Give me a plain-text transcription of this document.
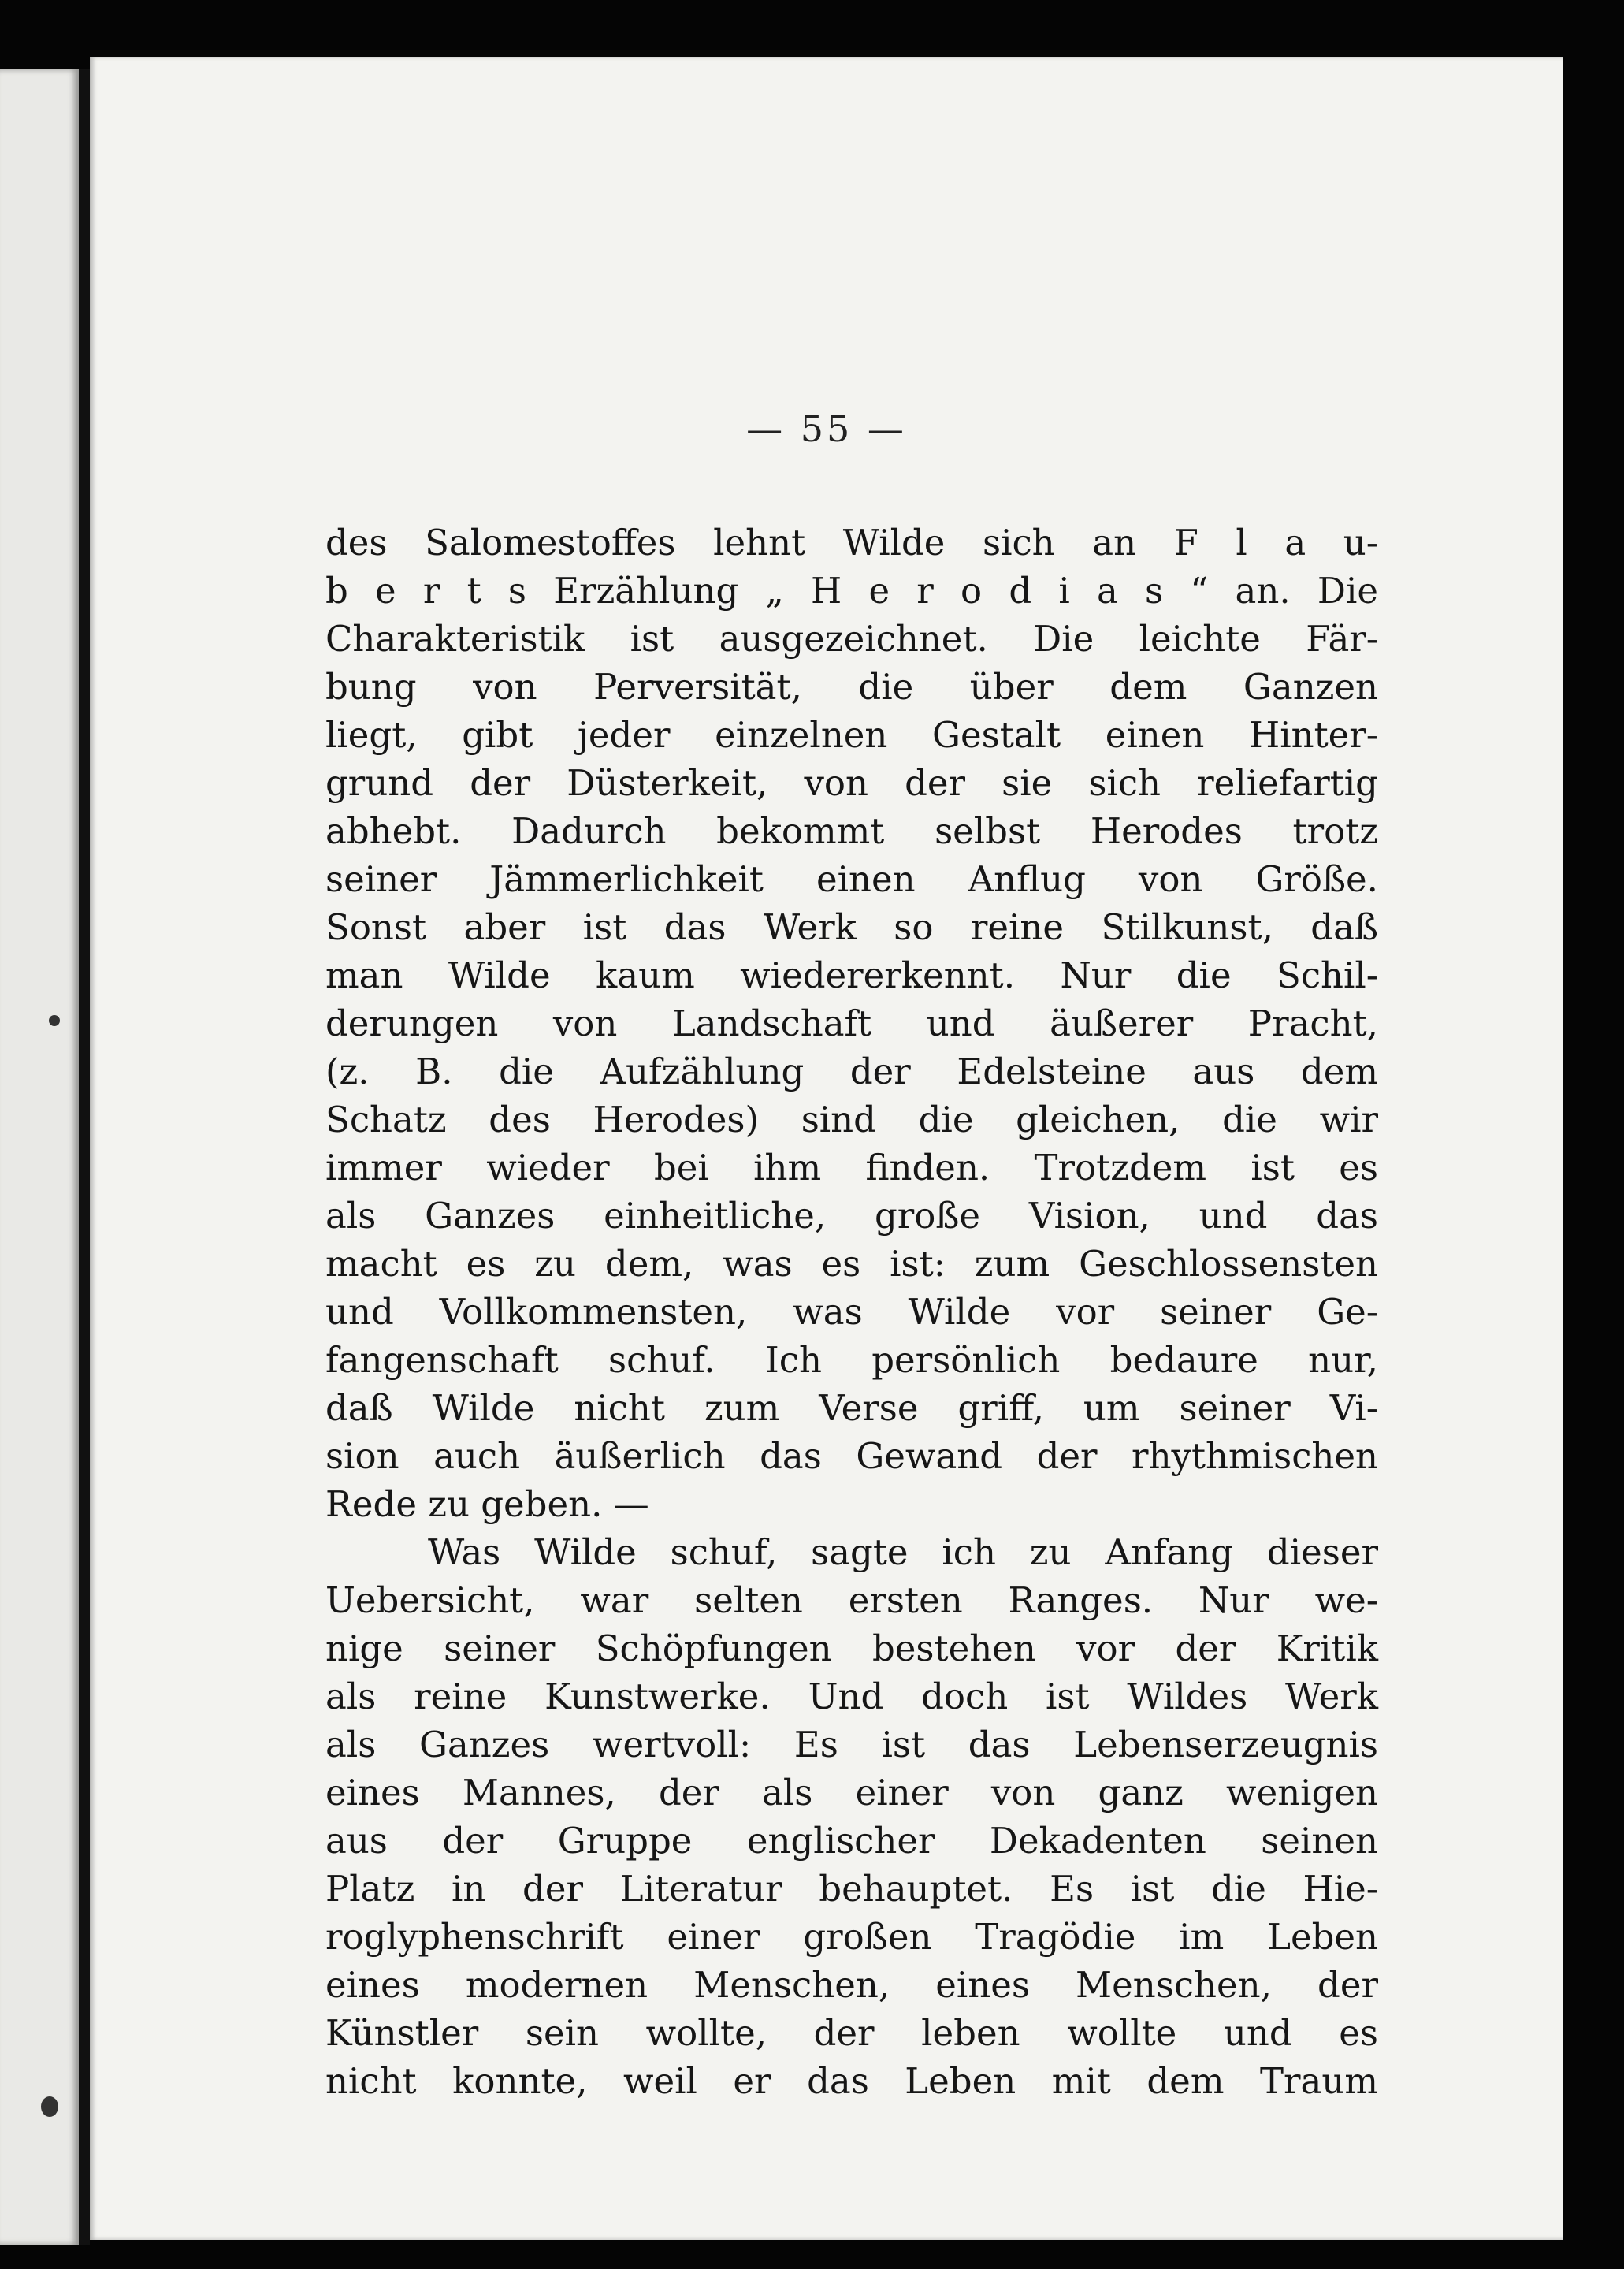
— 55 —
des Salomestoffes lehnt Wilde sich an F l a u-
b e r t s Erzählung „ H e r o d i a s “ an. Die
Charakteristik ist ausgezeichnet. Die leichte Fär-
bung von Perversität, die über dem Ganzen
liegt, gibt jeder einzelnen Gestalt einen Hinter-
grund der Düsterkeit, von der sie sich reliefartig
abhebt. Dadurch bekommt selbst Herodes trotz
seiner Jämmerlichkeit einen Anflug von Größe.
Sonst aber ist das Werk so reine Stilkunst, daß
man Wilde kaum wiedererkennt. Nur die Schil-
derungen von Landschaft und äußerer Pracht,
(z. B. die Aufzählung der Edelsteine aus dem
Schatz des Herodes) sind die gleichen, die wir
immer wieder bei ihm finden. Trotzdem ist es
als Ganzes einheitliche, große Vision, und das
macht es zu dem, was es ist: zum Geschlossensten
und Vollkommensten, was Wilde vor seiner Ge-
fangenschaft schuf. Ich persönlich bedaure nur,
daß Wilde nicht zum Verse griff, um seiner Vi-
sion auch äußerlich das Gewand der rhythmischen
Rede zu geben. —
Was Wilde schuf, sagte ich zu Anfang dieser
Uebersicht, war selten ersten Ranges. Nur we-
nige seiner Schöpfungen bestehen vor der Kritik
als reine Kunstwerke. Und doch ist Wildes Werk
als Ganzes wertvoll: Es ist das Lebenserzeugnis
eines Mannes, der als einer von ganz wenigen
aus der Gruppe englischer Dekadenten seinen
Platz in der Literatur behauptet. Es ist die Hie-
roglyphenschrift einer großen Tragödie im Leben
eines modernen Menschen, eines Menschen, der
Künstler sein wollte, der leben wollte und es
nicht konnte, weil er das Leben mit dem Traum
